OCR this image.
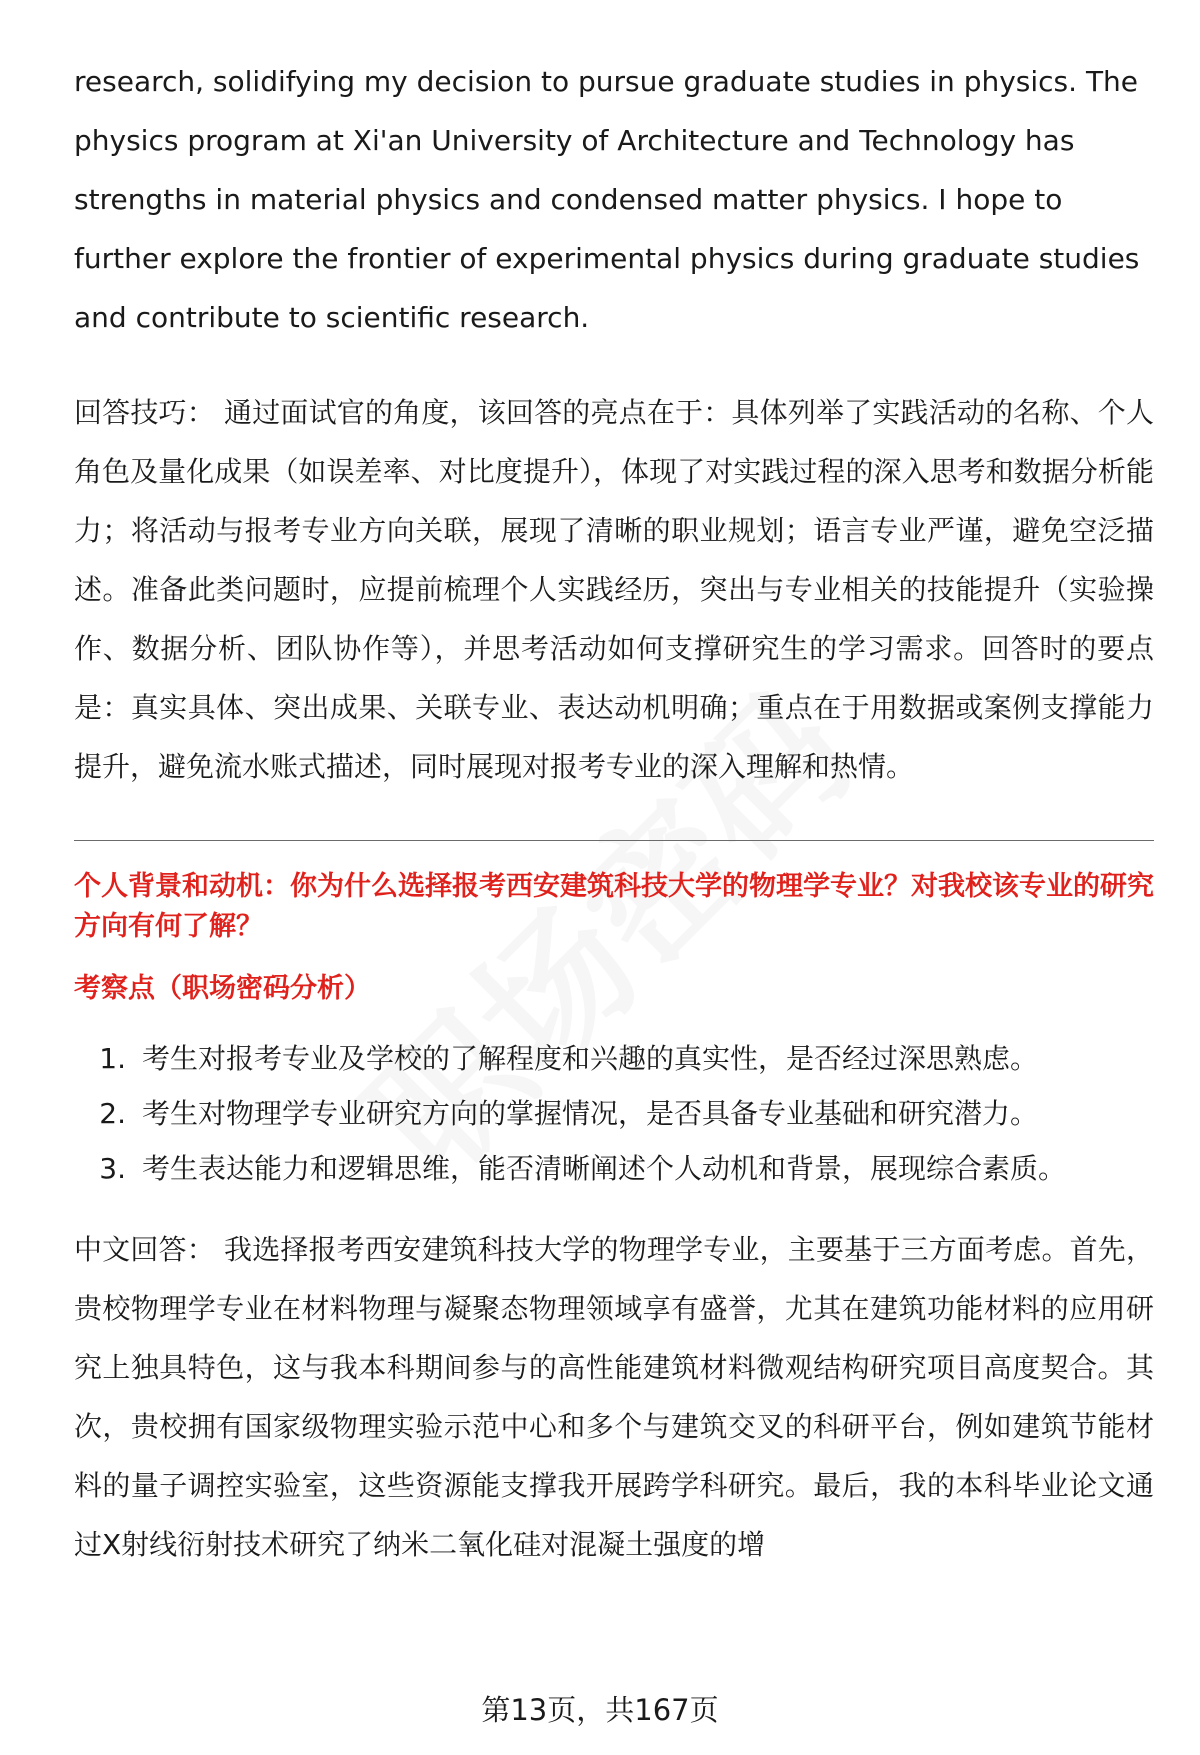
research, solidifying my decision to pursue graduate studies in physics. The physics program at Xi'an University of Architecture and Technology has strengths in material physics and condensed matter physics. I hope to further explore the frontier of experimental physics during graduate studies and contribute to scientific research.

回答技巧： 通过面试官的角度，该回答的亮点在于：具体列举了实践活动的名称、个人角色及量化成果（如误差率、对比度提升），体现了对实践过程的深入思考和数据分析能力；将活动与报考专业方向关联，展现了清晰的职业规划；语言专业严谨，避免空泛描述。准备此类问题时，应提前梳理个人实践经历，突出与专业相关的技能提升（实验操作、数据分析、团队协作等），并思考活动如何支撑研究生的学习需求。回答时的要点是：真实具体、突出成果、关联专业、表达动机明确；重点在于用数据或案例支撑能力提升，避免流水账式描述，同时展现对报考专业的深入理解和热情。

个人背景和动机：你为什么选择报考西安建筑科技大学的物理学专业？对我校该专业的研究方向有何了解？
考察点（职场密码分析）
1. 考生对报考专业及学校的了解程度和兴趣的真实性，是否经过深思熟虑。
2. 考生对物理学专业研究方向的掌握情况，是否具备专业基础和研究潜力。
3. 考生表达能力和逻辑思维，能否清晰阐述个人动机和背景，展现综合素质。

中文回答： 我选择报考西安建筑科技大学的物理学专业，主要基于三方面考虑。首先，贵校物理学专业在材料物理与凝聚态物理领域享有盛誉，尤其在建筑功能材料的应用研究上独具特色，这与我本科期间参与的高性能建筑材料微观结构研究项目高度契合。其次，贵校拥有国家级物理实验示范中心和多个与建筑交叉的科研平台，例如建筑节能材料的量子调控实验室，这些资源能支撑我开展跨学科研究。最后，我的本科毕业论文通过X射线衍射技术研究了纳米二氧化硅对混凝土强度的增

第13页，共167页
